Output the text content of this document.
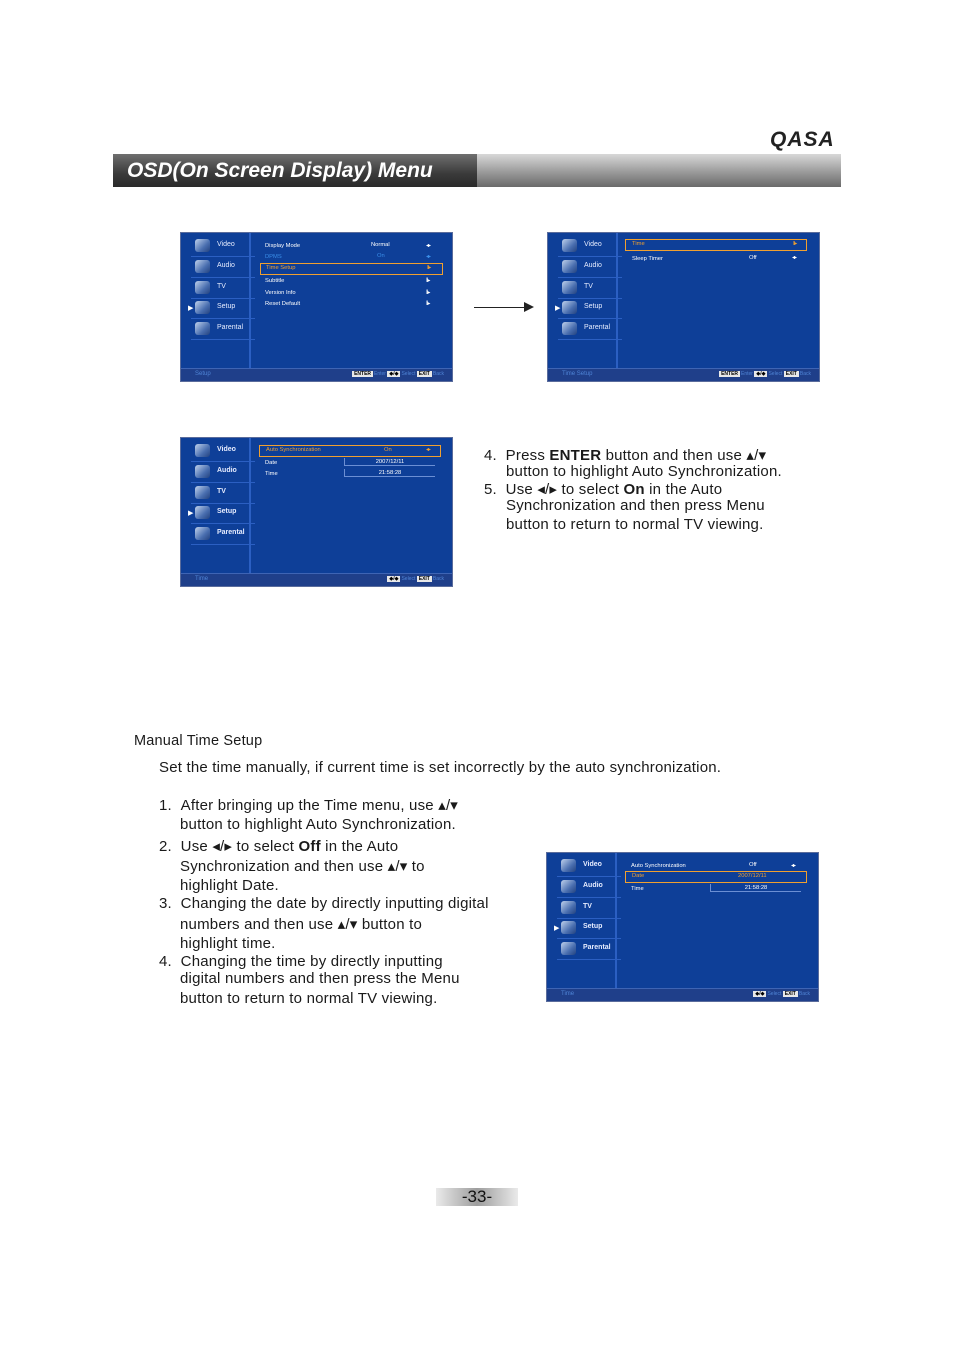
QASA
OSD(On Screen Display) Menu
Video
Audio
TV
Setup
Parental
▶
Display Mode	Normal	◂▸
DPMS	On	◂▸
Time Setup	II▸
Subtitle	II▸
Version Info	II▸
Reset Default	II▸
Setup	ENTER Enter ◆/◆ Select EXIT Back
Video
Audio
TV
Setup
Parental
▶
Time	II▸
Sleep Timer	Off	◂▸
Time Setup	ENTER Enter ◆/◆ Select EXIT Back
Video
Audio
TV
Setup
Parental
▶
Auto Synchronization	On	◂▸
Date	2007/12/11
Time	21:58:28
Time	◆/◆ Select EXIT Back
4. Press ENTER button and then use ▴/▾
button to highlight Auto Synchronization.
5. Use ◂/▸ to select On in the Auto
Synchronization and then press Menu
button to return to normal TV viewing.
Manual Time Setup
Set the time manually, if current time is set incorrectly by the auto synchronization.
1. After bringing up the Time menu, use ▴/▾
button to highlight Auto Synchronization.
2. Use ◂/▸ to select Off in the Auto
Synchronization and then use ▴/▾ to
highlight Date.
3. Changing the date by directly inputting digital
numbers and then use ▴/▾ button to
highlight time.
4. Changing the time by directly inputting
digital numbers and then press the Menu
button to return to normal TV viewing.
Video
Audio
TV
Setup
Parental
▶
Auto Synchronization	Off	◂▸
Date	2007/12/11
Time	21:58:28
Time	◆/◆ Select EXIT Back
-33-
